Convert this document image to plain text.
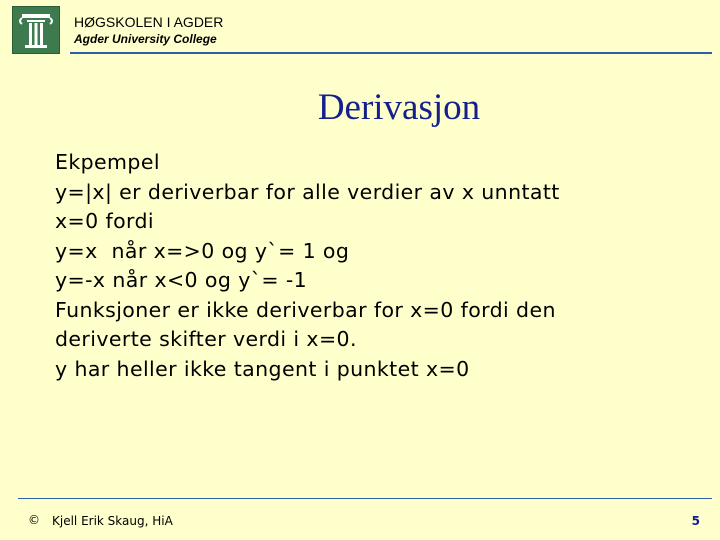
HØGSKOLEN I AGDER
Agder University College
Derivasjon
Ekpempel
y=|x| er deriverbar for alle verdier av x unntatt
x=0 fordi
y=x  når x=>0 og y`= 1 og
y=-x når x<0 og y`= -1
Funksjoner er ikke deriverbar for x=0 fordi den
deriverte skifter verdi i x=0.
y har heller ikke tangent i punktet x=0
© Kjell Erik Skaug, HiA	5
